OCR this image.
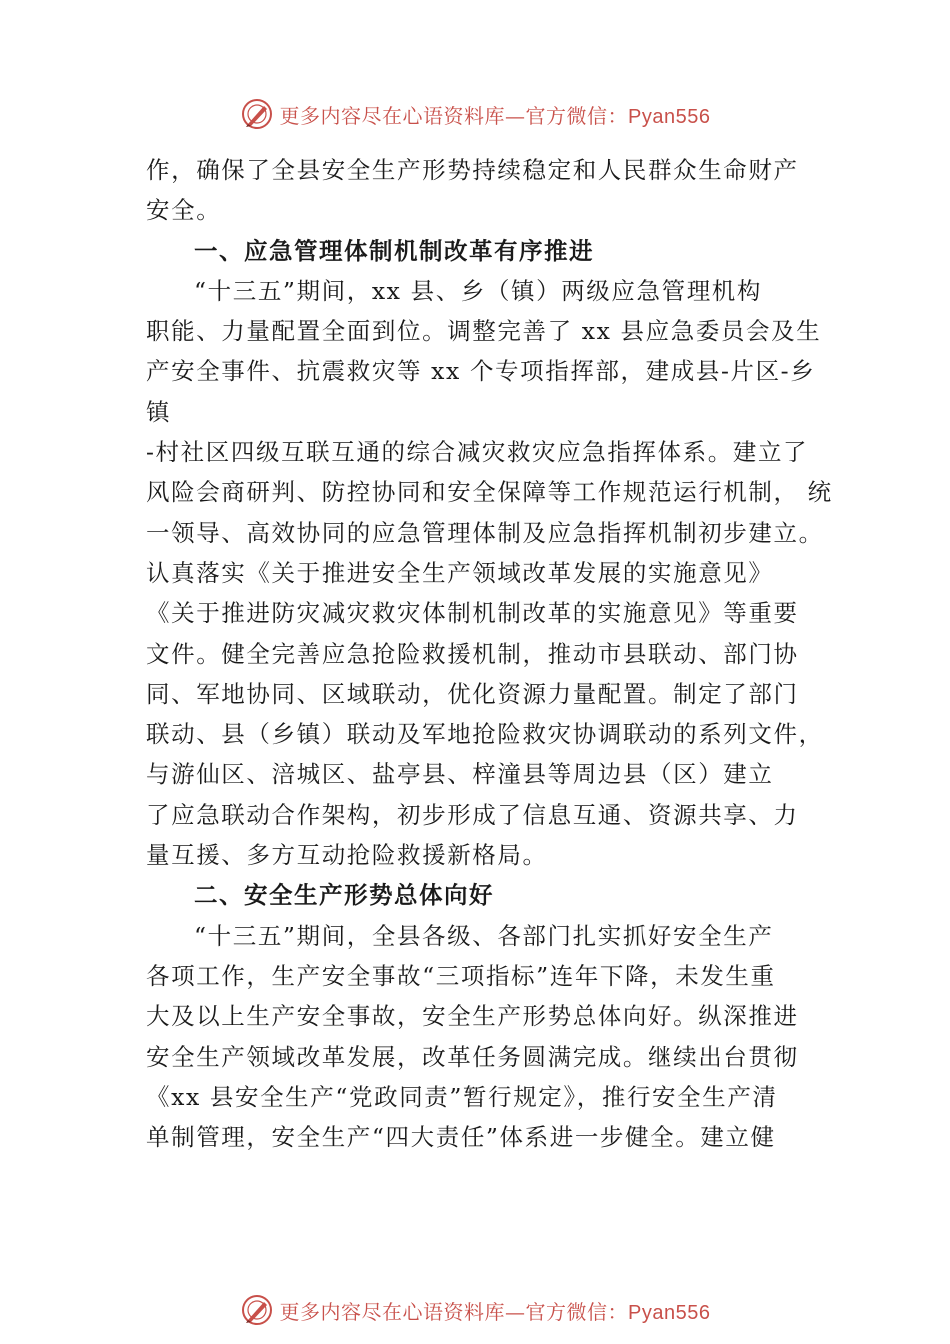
更多内容尽在心语资料库—官方微信：Pyan556
作，确保了全县安全生产形势持续稳定和人民群众生命财产
安全。
一、应急管理体制机制改革有序推进
“十三五”期间，xx 县、乡（镇）两级应急管理机构
职能、力量配置全面到位。调整完善了 xx 县应急委员会及生
产安全事件、抗震救灾等 xx 个专项指挥部，建成县-片区-乡
镇
-村社区四级互联互通的综合减灾救灾应急指挥体系。建立了
风险会商研判、防控协同和安全保障等工作规范运行机制， 统
一领导、高效协同的应急管理体制及应急指挥机制初步建立。
认真落实《关于推进安全生产领域改革发展的实施意见》
《关于推进防灾减灾救灾体制机制改革的实施意见》等重要
文件。健全完善应急抢险救援机制，推动市县联动、部门协
同、军地协同、区域联动，优化资源力量配置。制定了部门
联动、县（乡镇）联动及军地抢险救灾协调联动的系列文件，
与游仙区、涪城区、盐亭县、梓潼县等周边县（区）建立
了应急联动合作架构，初步形成了信息互通、资源共享、力
量互援、多方互动抢险救援新格局。
二、安全生产形势总体向好
“十三五”期间，全县各级、各部门扎实抓好安全生产
各项工作，生产安全事故“三项指标”连年下降，未发生重
大及以上生产安全事故，安全生产形势总体向好。纵深推进
安全生产领域改革发展，改革任务圆满完成。继续出台贯彻
《xx 县安全生产“党政同责”暂行规定》，推行安全生产清
单制管理，安全生产“四大责任”体系进一步健全。建立健
更多内容尽在心语资料库—官方微信：Pyan556
